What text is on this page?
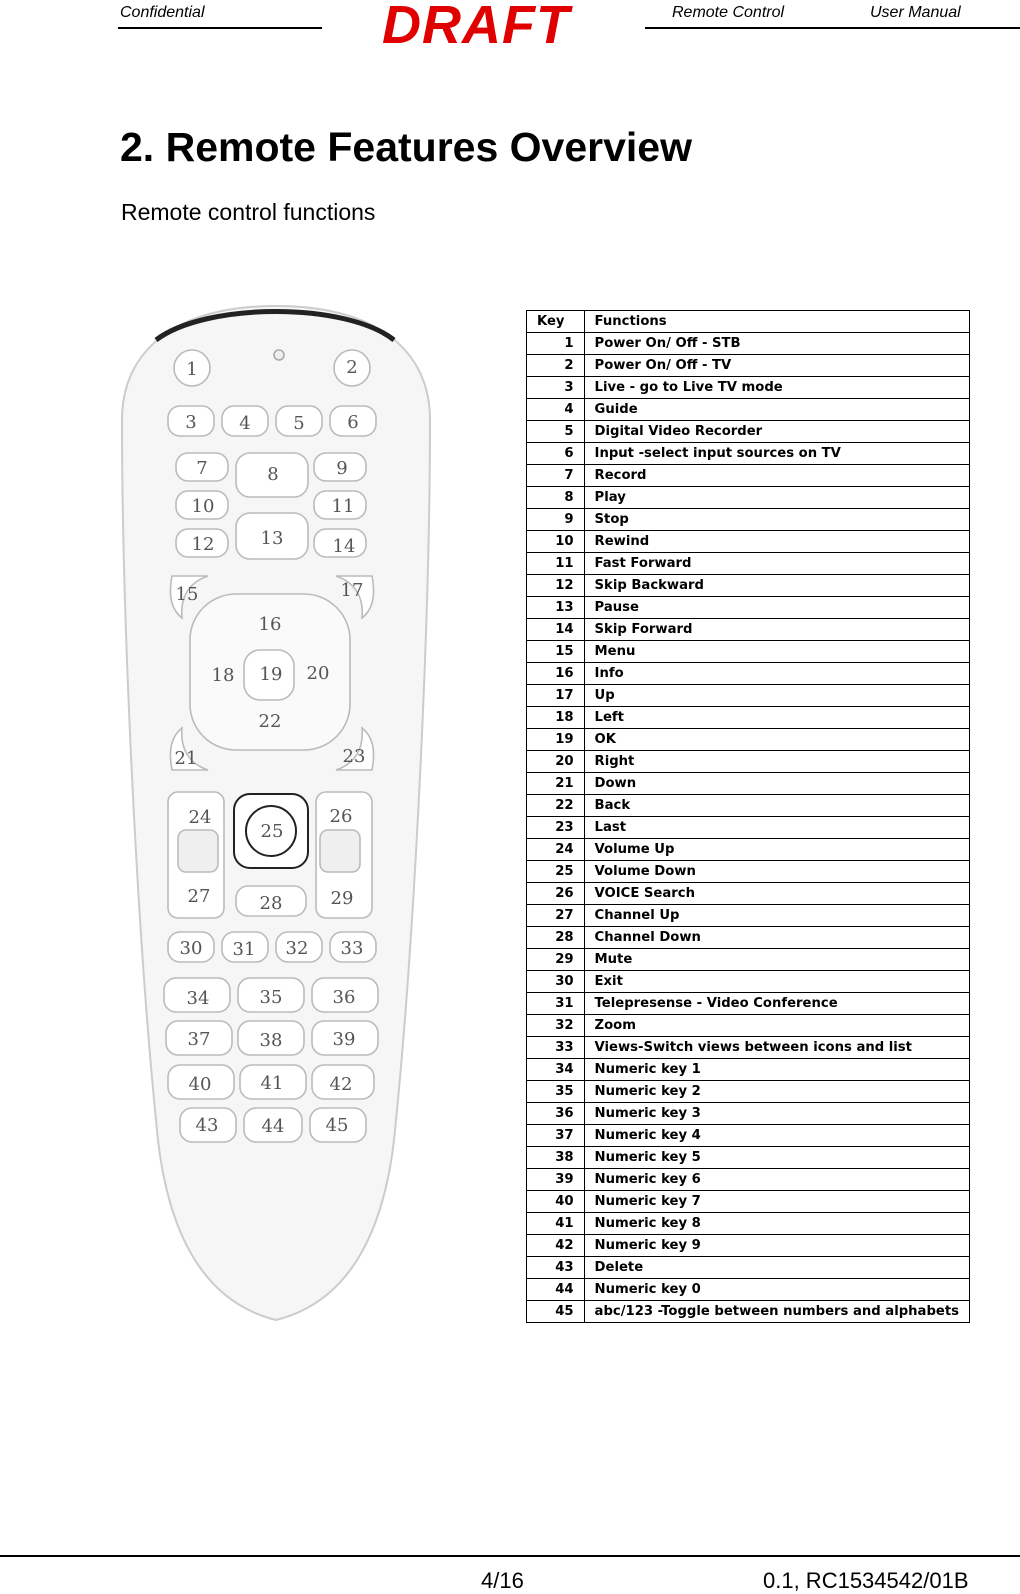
Confidential	DRAFT	Remote Control	User Manual
2. Remote Features Overview
Remote control functions
1	2
3 4 5 6
7	8	9
10	11
12	13	14
15
16
17
18 19 20
21
22
23
24
25
26
27	28	29
30 31 32 33
34	35	36
37	38	39
40	41	42
43 44 45
Key	Functions
1	Power On/ Off - STB
2	Power On/ Off - TV
3	Live - go to Live TV mode
4	Guide
5	Digital Video Recorder
6	Input -select input sources on TV
7	Record
8	Play
9	Stop
10	Rewind
11	Fast Forward
12	Skip Backward
13	Pause
14	Skip Forward
15	Menu
16	Info
17	Up
18	Left
19	OK
20	Right
21	Down
22	Back
23	Last
24	Volume Up
25	Volume Down
26	VOICE Search
27	Channel Up
28	Channel Down
29	Mute
30	Exit
31	Telepresense - Video Conference
32	Zoom
33	Views-Switch views between icons and list
34	Numeric key 1
35	Numeric key 2
36	Numeric key 3
37	Numeric key 4
38	Numeric key 5
39	Numeric key 6
40	Numeric key 7
41	Numeric key 8
42	Numeric key 9
43	Delete
44	Numeric key 0
45	abc/123 -Toggle between numbers and alphabets
4/16	0.1, RC1534542/01B
